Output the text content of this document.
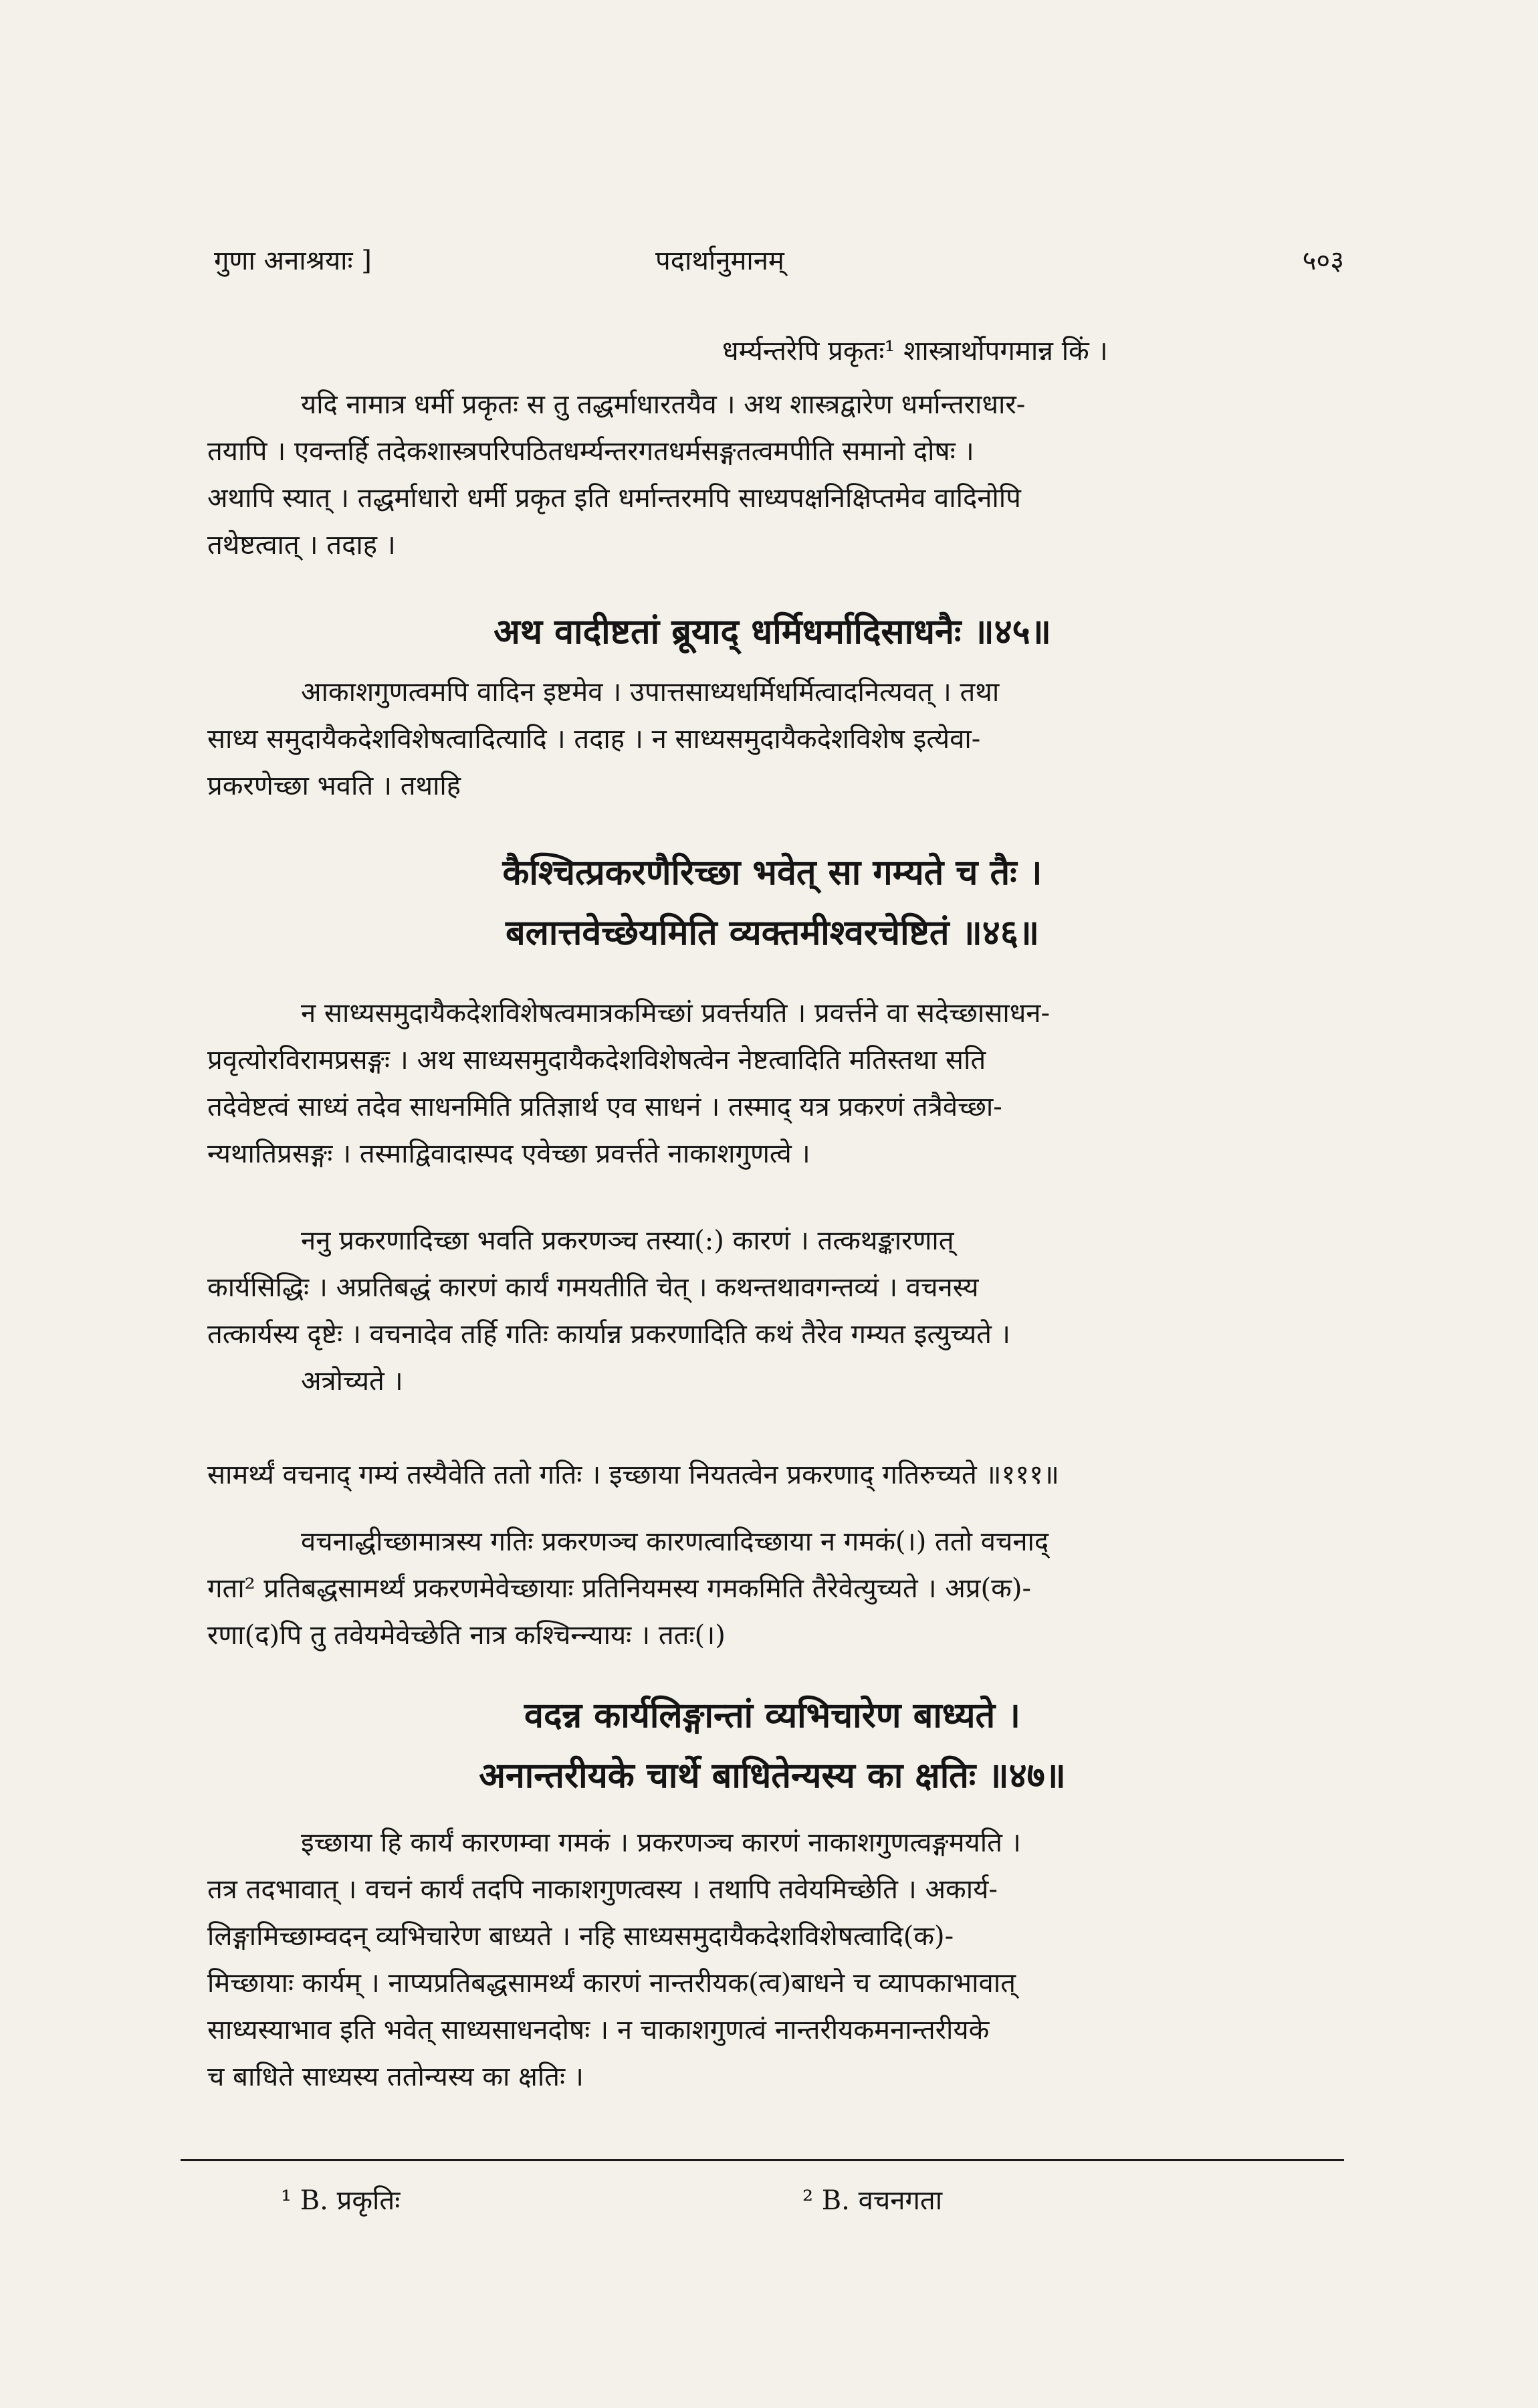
गुणा अनाश्रयाः ]	पदार्थानुमानम्	५०३
धर्म्यन्तरेपि प्रकृतः¹ शास्त्रार्थोपगमान्न किं ।
यदि नामात्र धर्मी प्रकृतः स तु तद्धर्माधारतयैव । अथ शास्त्रद्वारेण धर्मान्तराधार-
तयापि । एवन्तर्हि तदेकशास्त्रपरिपठितधर्म्यन्तरगतधर्मसङ्गतत्वमपीति समानो दोषः ।
अथापि स्यात् । तद्धर्माधारो धर्मी प्रकृत इति धर्मान्तरमपि साध्यपक्षनिक्षिप्तमेव वादिनोपि
तथेष्टत्वात् । तदाह ।
अथ वादीष्टतां ब्रूयाद् धर्मिधर्मादिसाधनैः ॥४५॥
आकाशगुणत्वमपि वादिन इष्टमेव । उपात्तसाध्यधर्मिधर्मित्वादनित्यवत् । तथा
साध्य समुदायैकदेशविशेषत्वादित्यादि । तदाह । न साध्यसमुदायैकदेशविशेष इत्येवा-
प्रकरणेच्छा भवति । तथाहि
कैश्चित्प्रकरणैरिच्छा भवेत् सा गम्यते च तैः ।
बलात्तवेच्छेयमिति व्यक्तमीश्वरचेष्टितं ॥४६॥
न साध्यसमुदायैकदेशविशेषत्वमात्रकमिच्छां प्रवर्त्तयति । प्रवर्त्तने वा सदेच्छासाधन-
प्रवृत्योरविरामप्रसङ्गः । अथ साध्यसमुदायैकदेशविशेषत्वेन नेष्टत्वादिति मतिस्तथा सति
तदेवेष्टत्वं साध्यं तदेव साधनमिति प्रतिज्ञार्थ एव साधनं । तस्माद् यत्र प्रकरणं तत्रैवेच्छा-
न्यथातिप्रसङ्गः । तस्माद्विवादास्पद एवेच्छा प्रवर्त्तते नाकाशगुणत्वे ।
ननु प्रकरणादिच्छा भवति प्रकरणञ्च तस्या(:) कारणं । तत्कथङ्कारणात्
कार्यसिद्धिः । अप्रतिबद्धं कारणं कार्यं गमयतीति चेत् । कथन्तथावगन्तव्यं । वचनस्य
तत्कार्यस्य दृष्टेः । वचनादेव तर्हि गतिः कार्यान्न प्रकरणादिति कथं तैरेव गम्यत इत्युच्यते ।
अत्रोच्यते ।
सामर्थ्यं वचनाद् गम्यं तस्यैवेति ततो गतिः । इच्छाया नियतत्वेन प्रकरणाद् गतिरुच्यते ॥१११॥
वचनाद्धीच्छामात्रस्य गतिः प्रकरणञ्च कारणत्वादिच्छाया न गमकं(।) ततो वचनाद्
गता² प्रतिबद्धसामर्थ्यं प्रकरणमेवेच्छायाः प्रतिनियमस्य गमकमिति तैरेवेत्युच्यते । अप्र(क)-
रणा(द)पि तु तवेयमेवेच्छेति नात्र कश्चिन्न्यायः । ततः(।)
वदन्न कार्यलिङ्गान्तां व्यभिचारेण बाध्यते ।
अनान्तरीयके चार्थे बाधितेन्यस्य का क्षतिः ॥४७॥
इच्छाया हि कार्यं कारणम्वा गमकं । प्रकरणञ्च कारणं नाकाशगुणत्वङ्गमयति ।
तत्र तदभावात् । वचनं कार्यं तदपि नाकाशगुणत्वस्य । तथापि तवेयमिच्छेति । अकार्य-
लिङ्गामिच्छाम्वदन् व्यभिचारेण बाध्यते । नहि साध्यसमुदायैकदेशविशेषत्वादि(क)-
मिच्छायाः कार्यम् । नाप्यप्रतिबद्धसामर्थ्यं कारणं नान्तरीयक(त्व)बाधने च व्यापकाभावात्
साध्यस्याभाव इति भवेत् साध्यसाधनदोषः । न चाकाशगुणत्वं नान्तरीयकमनान्तरीयके
च बाधिते साध्यस्य ततोन्यस्य का क्षतिः ।
¹ B. प्रकृतिः	² B. वचनगता
